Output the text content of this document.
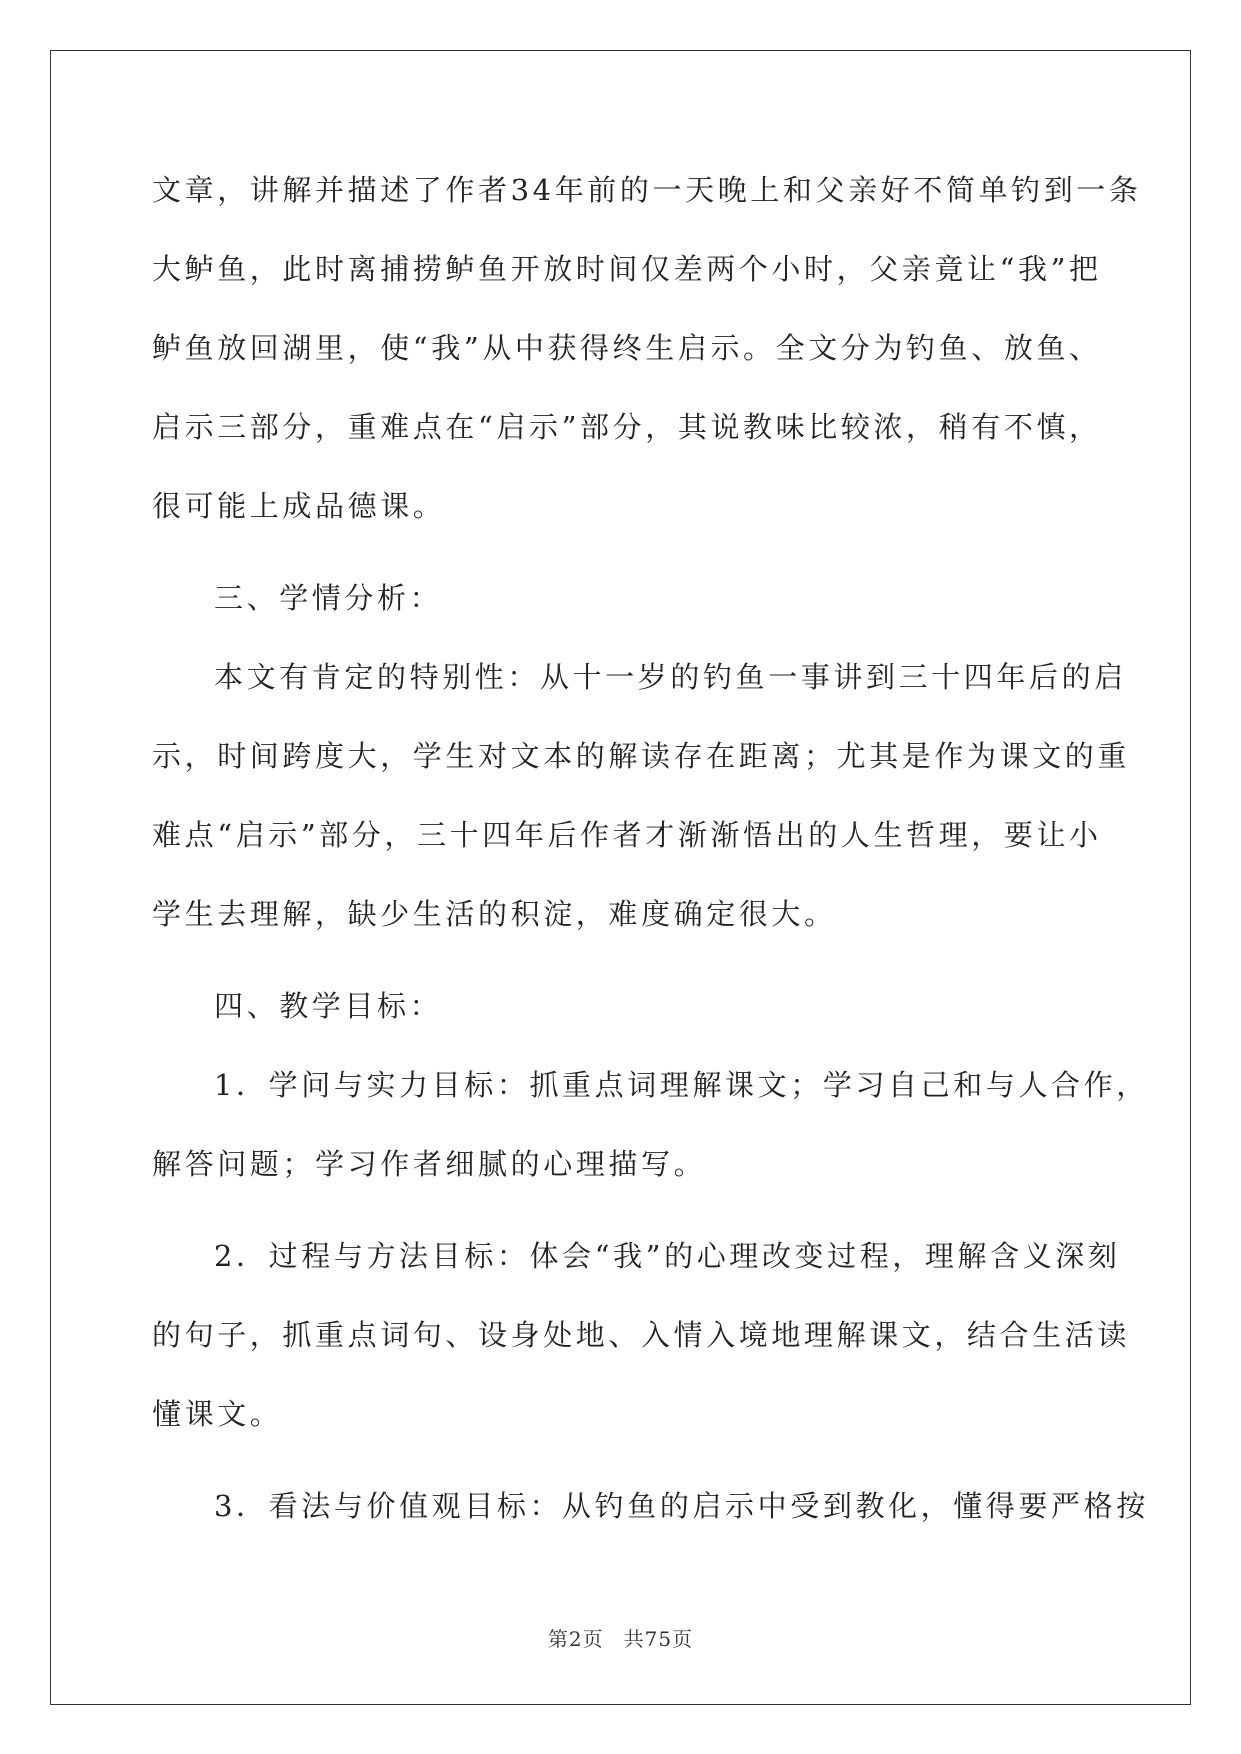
文章，讲解并描述了作者34年前的一天晚上和父亲好不简单钓到一条
大鲈鱼，此时离捕捞鲈鱼开放时间仅差两个小时，父亲竟让“我”把
鲈鱼放回湖里，使“我”从中获得终生启示。全文分为钓鱼、放鱼、
启示三部分，重难点在“启示”部分，其说教味比较浓，稍有不慎，
很可能上成品德课。
三、学情分析：
本文有肯定的特别性：从十一岁的钓鱼一事讲到三十四年后的启
示，时间跨度大，学生对文本的解读存在距离；尤其是作为课文的重
难点“启示”部分，三十四年后作者才渐渐悟出的人生哲理，要让小
学生去理解，缺少生活的积淀，难度确定很大。
四、教学目标：
1．学问与实力目标：抓重点词理解课文；学习自己和与人合作，
解答问题；学习作者细腻的心理描写。
2．过程与方法目标：体会“我”的心理改变过程，理解含义深刻
的句子，抓重点词句、设身处地、入情入境地理解课文，结合生活读
懂课文。
3．看法与价值观目标：从钓鱼的启示中受到教化，懂得要严格按
第2页 共75页
